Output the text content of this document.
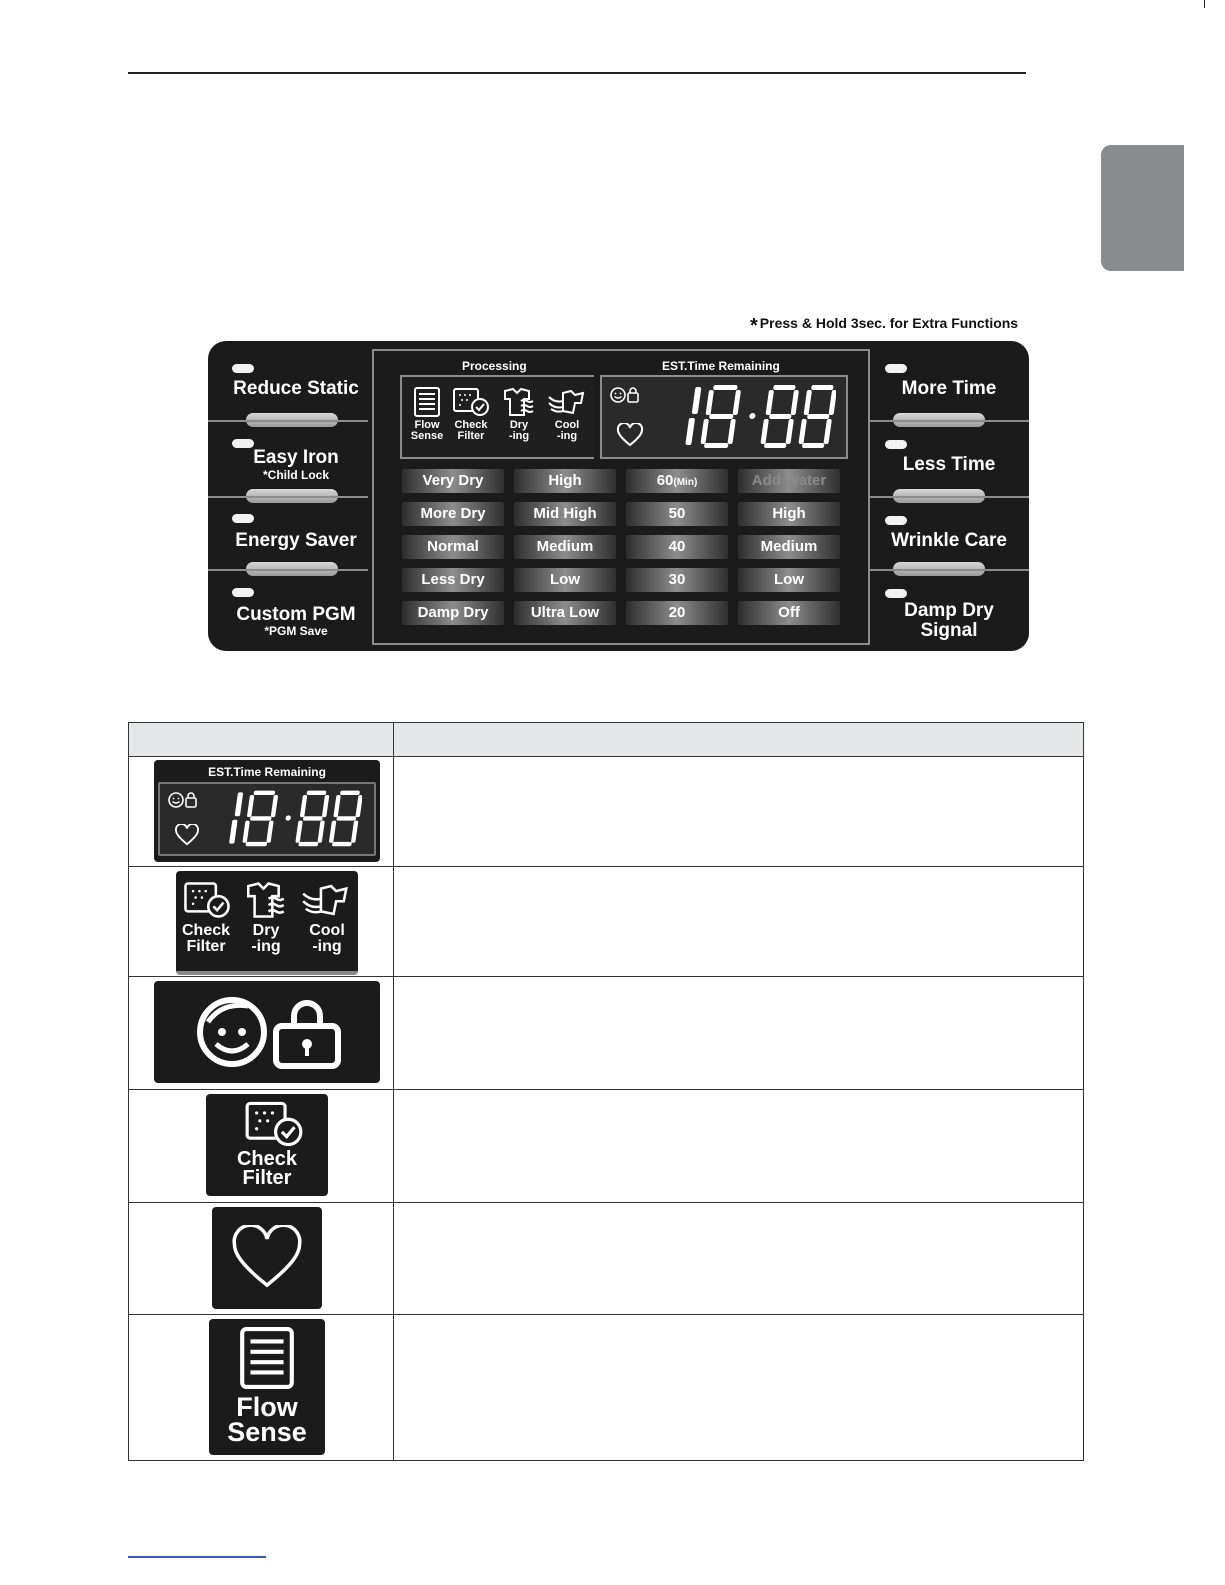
* Press & Hold 3sec. for Extra Functions
Reduce Static
Easy Iron
*Child Lock
Energy Saver
Custom PGM
*PGM Save
Processing	EST.Time Remaining
Flow
Sense
Check
Filter
Dry
-ing
Cool
-ing
Very Dry
More Dry
Normal
Less Dry
Damp Dry
High
Mid High
Medium
Low
Ultra Low
60(Min)
50
40
30
20
Add Water
High
Medium
Low
Off
More Time
Less Time
Wrinkle Care
Damp Dry
Signal
EST.Time Remaining
Check
Filter
Dry
-ing
Cool
-ing
Check
Filter
Flow
Sense
